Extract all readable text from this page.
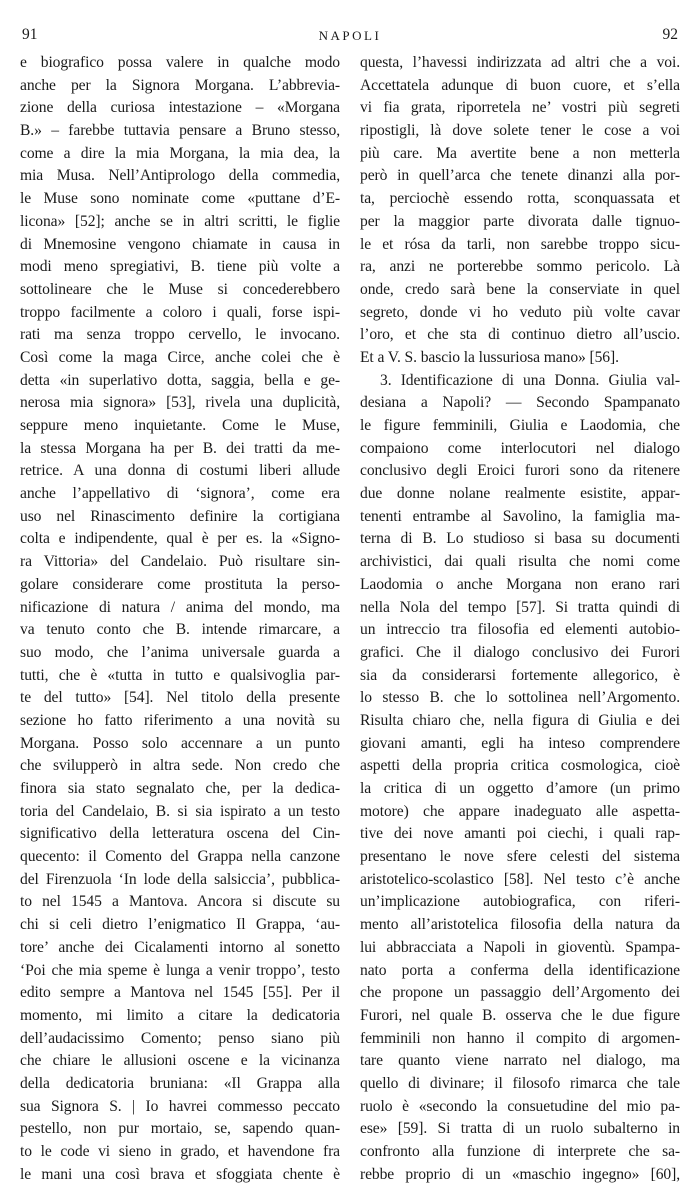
91	NAPOLI	92
e biografico possa valere in qualche modo
anche per la Signora Morgana. L’abbrevia-
zione della curiosa intestazione – «Morgana
B.» – farebbe tuttavia pensare a Bruno stesso,
come a dire la mia Morgana, la mia dea, la
mia Musa. Nell’Antiprologo della commedia,
le Muse sono nominate come «puttane d’E-
licona» [52]; anche se in altri scritti, le figlie
di Mnemosine vengono chiamate in causa in
modi meno spregiativi, B. tiene più volte a
sottolineare che le Muse si concederebbero
troppo facilmente a coloro i quali, forse ispi-
rati ma senza troppo cervello, le invocano.
Così come la maga Circe, anche colei che è
detta «in superlativo dotta, saggia, bella e ge-
nerosa mia signora» [53], rivela una duplicità,
seppure meno inquietante. Come le Muse,
la stessa Morgana ha per B. dei tratti da me-
retrice. A una donna di costumi liberi allude
anche l’appellativo di ‘signora’, come era
uso nel Rinascimento definire la cortigiana
colta e indipendente, qual è per es. la «Signo-
ra Vittoria» del Candelaio. Può risultare sin-
golare considerare come prostituta la perso-
nificazione di natura / anima del mondo, ma
va tenuto conto che B. intende rimarcare, a
suo modo, che l’anima universale guarda a
tutti, che è «tutta in tutto e qualsivoglia par-
te del tutto» [54]. Nel titolo della presente
sezione ho fatto riferimento a una novità su
Morgana. Posso solo accennare a un punto
che svilupperò in altra sede. Non credo che
finora sia stato segnalato che, per la dedica-
toria del Candelaio, B. si sia ispirato a un testo
significativo della letteratura oscena del Cin-
quecento: il Comento del Grappa nella canzone
del Firenzuola ‘In lode della salsiccia’, pubblica-
to nel 1545 a Mantova. Ancora si discute su
chi si celi dietro l’enigmatico Il Grappa, ‘au-
tore’ anche dei Cicalamenti intorno al sonetto
‘Poi che mia speme è lunga a venir troppo’, testo
edito sempre a Mantova nel 1545 [55]. Per il
momento, mi limito a citare la dedicatoria
dell’audacissimo Comento; penso siano più
che chiare le allusioni oscene e la vicinanza
della dedicatoria bruniana: «Il Grappa alla
sua Signora S. | Io havrei commesso peccato
pestello, non pur mortaio, se, sapendo quan-
to le code vi sieno in grado, et havendone fra
le mani una così brava et sfoggiata chente è
questa, l’havessi indirizzata ad altri che a voi.
Accettatela adunque di buon cuore, et s’ella
vi fia grata, riporretela ne’ vostri più segreti
ripostigli, là dove solete tener le cose a voi
più care. Ma avertite bene a non metterla
però in quell’arca che tenete dinanzi alla por-
ta, perciochè essendo rotta, sconquassata et
per la maggior parte divorata dalle tignuo-
le et rósa da tarli, non sarebbe troppo sicu-
ra, anzi ne porterebbe sommo pericolo. Là
onde, credo sarà bene la conserviate in quel
segreto, donde vi ho veduto più volte cavar
l’oro, et che sta di continuo dietro all’uscio.
Et a V. S. bascio la lussuriosa mano» [56].
3. Identificazione di una Donna. Giulia val-
desiana a Napoli? — Secondo Spampanato
le figure femminili, Giulia e Laodomia, che
compaiono come interlocutori nel dialogo
conclusivo degli Eroici furori sono da ritenere
due donne nolane realmente esistite, appar-
tenenti entrambe al Savolino, la famiglia ma-
terna di B. Lo studioso si basa su documenti
archivistici, dai quali risulta che nomi come
Laodomia o anche Morgana non erano rari
nella Nola del tempo [57]. Si tratta quindi di
un intreccio tra filosofia ed elementi autobio-
grafici. Che il dialogo conclusivo dei Furori
sia da considerarsi fortemente allegorico, è
lo stesso B. che lo sottolinea nell’Argomento.
Risulta chiaro che, nella figura di Giulia e dei
giovani amanti, egli ha inteso comprendere
aspetti della propria critica cosmologica, cioè
la critica di un oggetto d’amore (un primo
motore) che appare inadeguato alle aspetta-
tive dei nove amanti poi ciechi, i quali rap-
presentano le nove sfere celesti del sistema
aristotelico-scolastico [58]. Nel testo c’è anche
un’implicazione autobiografica, con riferi-
mento all’aristotelica filosofia della natura da
lui abbracciata a Napoli in gioventù. Spampa-
nato porta a conferma della identificazione
che propone un passaggio dell’Argomento dei
Furori, nel quale B. osserva che le due figure
femminili non hanno il compito di argomen-
tare quanto viene narrato nel dialogo, ma
quello di divinare; il filosofo rimarca che tale
ruolo è «secondo la consuetudine del mio pa-
ese» [59]. Si tratta di un ruolo subalterno in
confronto alla funzione di interprete che sa-
rebbe proprio di un «maschio ingegno» [60],
